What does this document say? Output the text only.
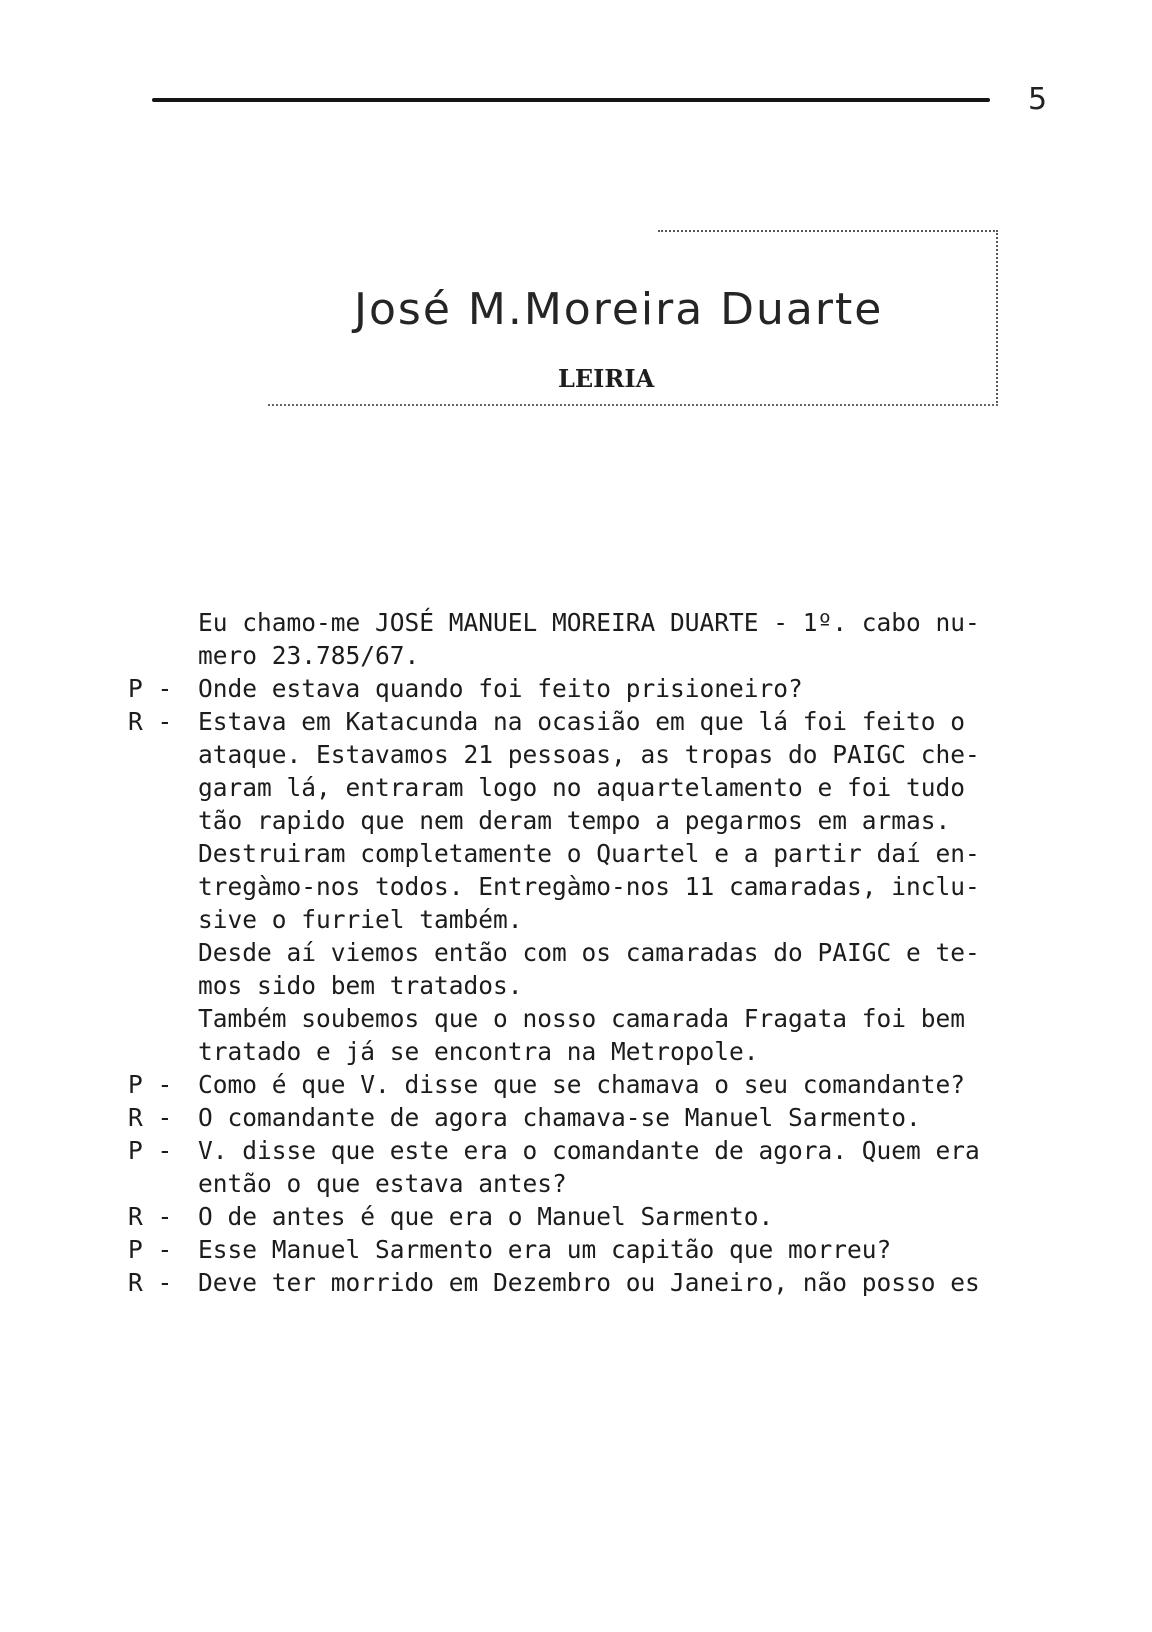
5
José M.Moreira Duarte
LEIRIA
Eu chamo-me JOSÉ MANUEL MOREIRA DUARTE - 1º. cabo nu-
mero 23.785/67.
P -	Onde estava quando foi feito prisioneiro?
R -	Estava em Katacunda na ocasião em que lá foi feito o
ataque. Estavamos 21 pessoas, as tropas do PAIGC che-
garam lá, entraram logo no aquartelamento e foi tudo
tão rapido que nem deram tempo a pegarmos em armas.
Destruiram completamente o Quartel e a partir daí en-
tregàmo-nos todos. Entregàmo-nos 11 camaradas, inclu-
sive o furriel também.
Desde aí viemos então com os camaradas do PAIGC e te-
mos sido bem tratados.
Também soubemos que o nosso camarada Fragata foi bem
tratado e já se encontra na Metropole.
P -	Como é que V. disse que se chamava o seu comandante?
R -	O comandante de agora chamava-se Manuel Sarmento.
P -	V. disse que este era o comandante de agora. Quem era
então o que estava antes?
R -	O de antes é que era o Manuel Sarmento.
P -	Esse Manuel Sarmento era um capitão que morreu?
R -	Deve ter morrido em Dezembro ou Janeiro, não posso es
